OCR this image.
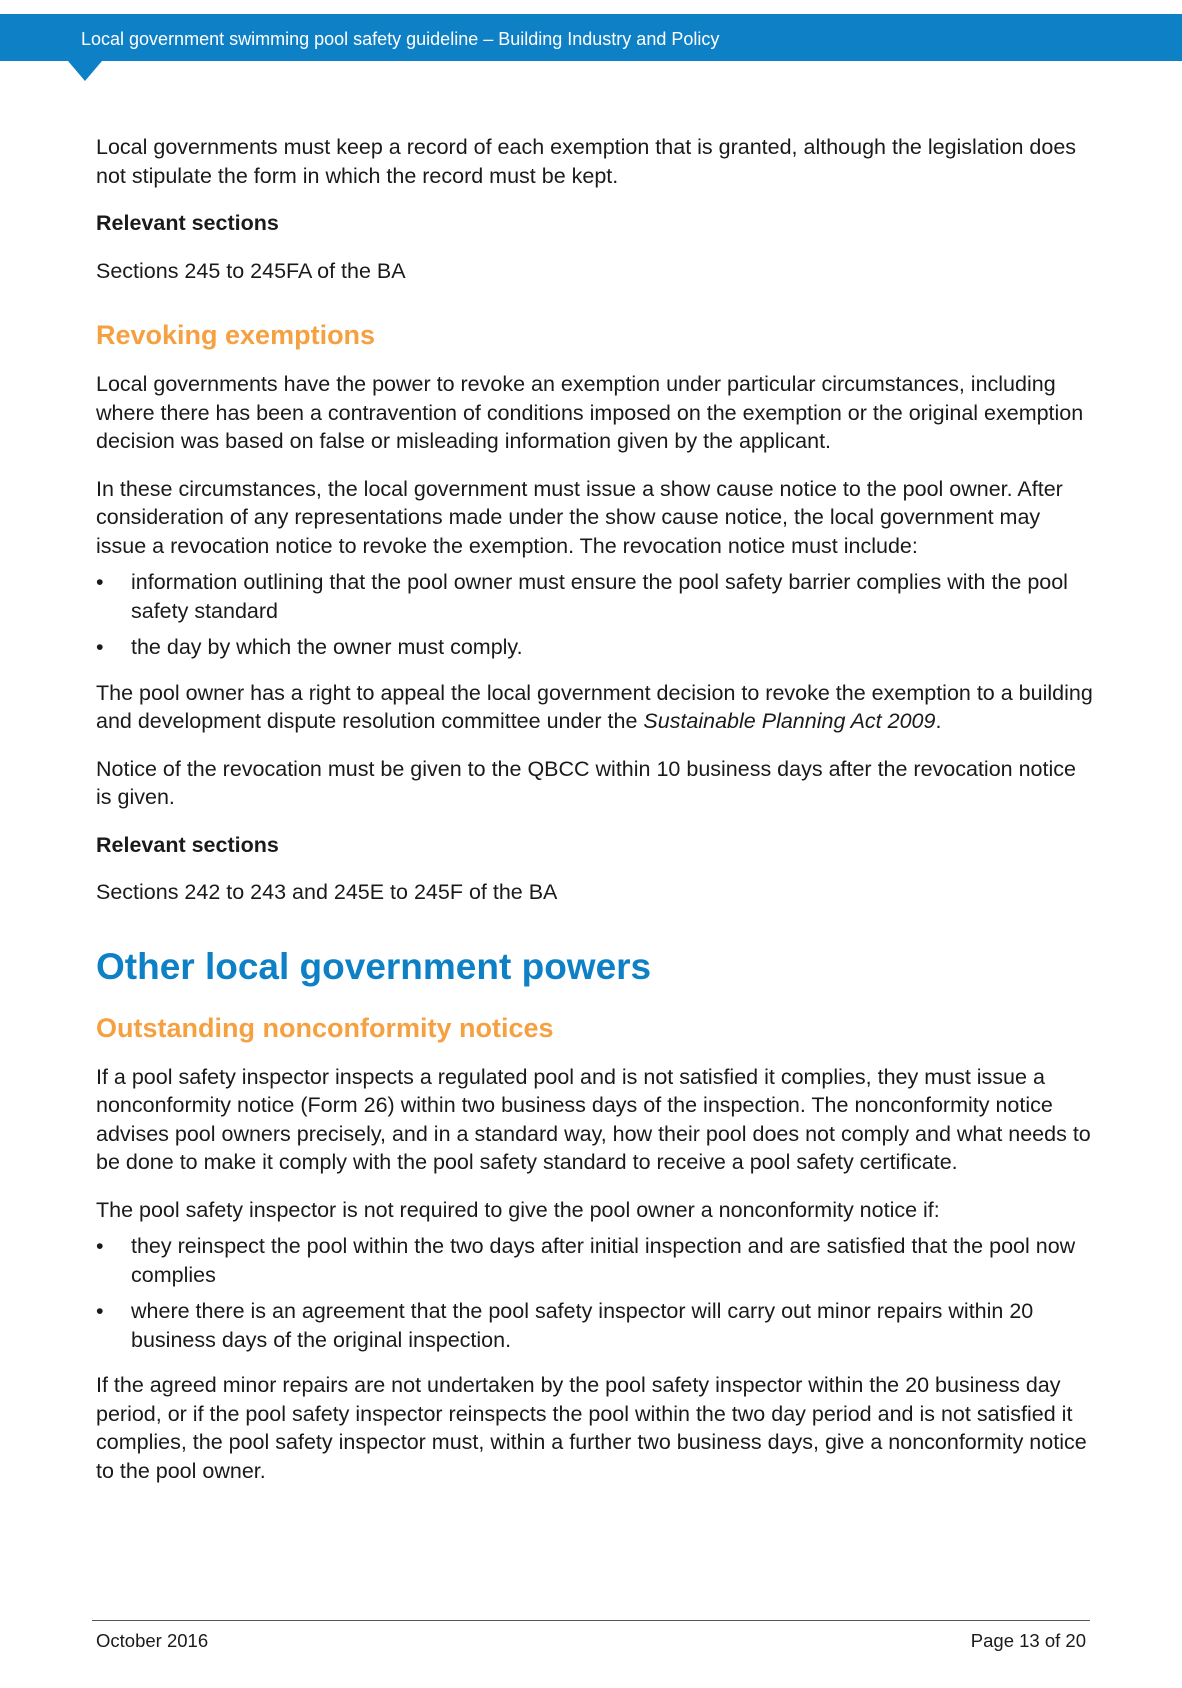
Local government swimming pool safety guideline – Building Industry and Policy

Local governments must keep a record of each exemption that is granted, although the legislation does not stipulate the form in which the record must be kept.

Relevant sections

Sections 245 to 245FA of the BA

Revoking exemptions

Local governments have the power to revoke an exemption under particular circumstances, including where there has been a contravention of conditions imposed on the exemption or the original exemption decision was based on false or misleading information given by the applicant.

In these circumstances, the local government must issue a show cause notice to the pool owner. After consideration of any representations made under the show cause notice, the local government may issue a revocation notice to revoke the exemption. The revocation notice must include:

•	information outlining that the pool owner must ensure the pool safety barrier complies with the pool safety standard
•	the day by which the owner must comply.

The pool owner has a right to appeal the local government decision to revoke the exemption to a building and development dispute resolution committee under the Sustainable Planning Act 2009.

Notice of the revocation must be given to the QBCC within 10 business days after the revocation notice is given.

Relevant sections

Sections 242 to 243 and 245E to 245F of the BA

Other local government powers
Outstanding nonconformity notices

If a pool safety inspector inspects a regulated pool and is not satisfied it complies, they must issue a nonconformity notice (Form 26) within two business days of the inspection. The nonconformity notice advises pool owners precisely, and in a standard way, how their pool does not comply and what needs to be done to make it comply with the pool safety standard to receive a pool safety certificate.

The pool safety inspector is not required to give the pool owner a nonconformity notice if:

•	they reinspect the pool within the two days after initial inspection and are satisfied that the pool now complies
•	where there is an agreement that the pool safety inspector will carry out minor repairs within 20 business days of the original inspection.

If the agreed minor repairs are not undertaken by the pool safety inspector within the 20 business day period, or if the pool safety inspector reinspects the pool within the two day period and is not satisfied it complies, the pool safety inspector must, within a further two business days, give a nonconformity notice to the pool owner.

October 2016	Page 13 of 20
